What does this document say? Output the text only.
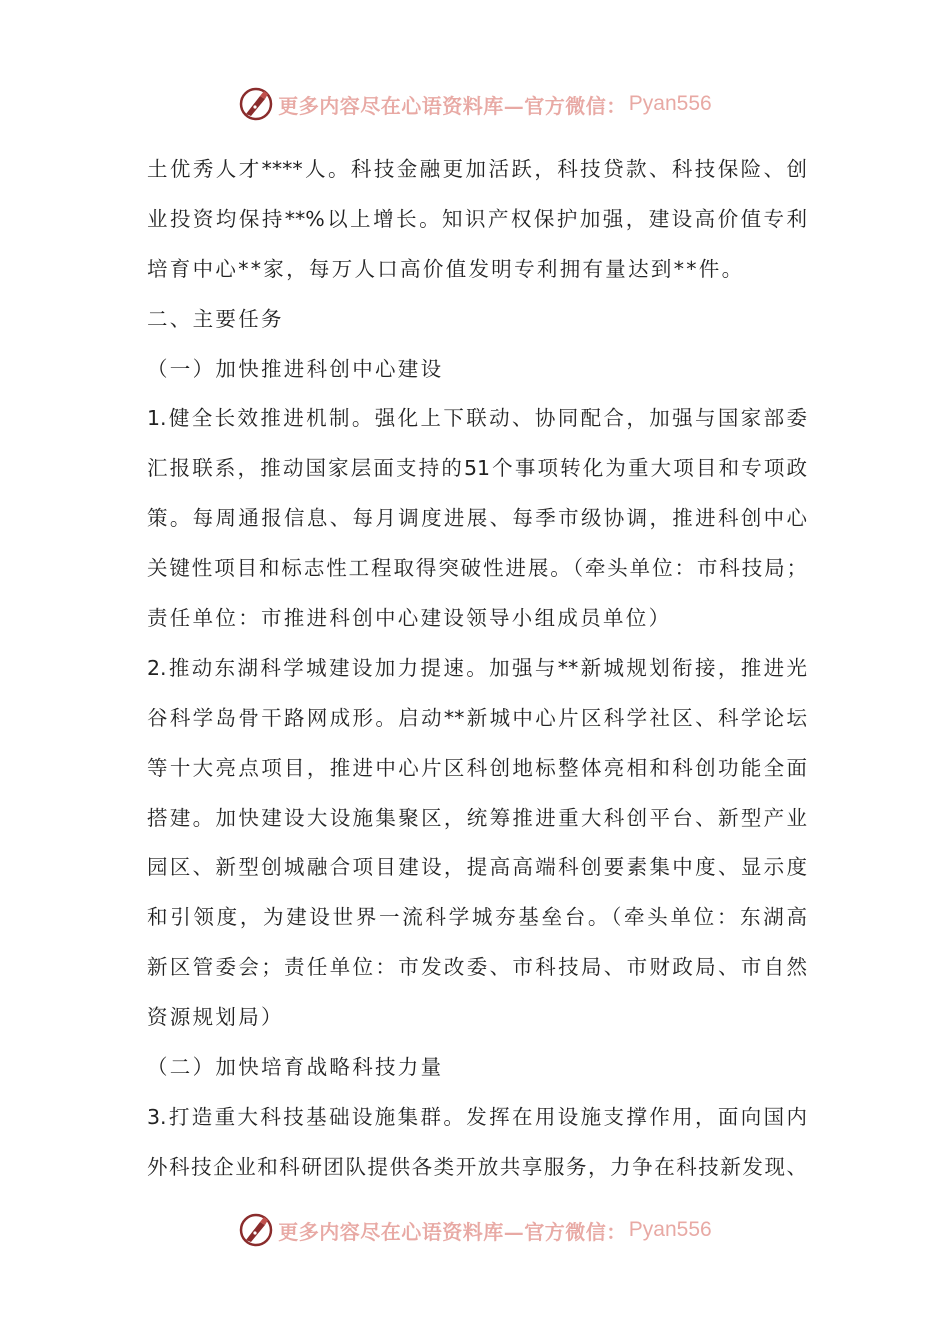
更多内容尽在心语资料库—官方微信： Pyan556
土优秀人才****人。科技金融更加活跃，科技贷款、科技保险、创
业投资均保持**%以上增长。知识产权保护加强，建设高价值专利
培育中心**家，每万人口高价值发明专利拥有量达到**件。
二、主要任务
（一）加快推进科创中心建设
1.健全长效推进机制。强化上下联动、协同配合，加强与国家部委
汇报联系，推动国家层面支持的51个事项转化为重大项目和专项政
策。每周通报信息、每月调度进展、每季市级协调，推进科创中心
关键性项目和标志性工程取得突破性进展。（牵头单位：市科技局；
责任单位：市推进科创中心建设领导小组成员单位）
2.推动东湖科学城建设加力提速。加强与**新城规划衔接，推进光
谷科学岛骨干路网成形。启动**新城中心片区科学社区、科学论坛
等十大亮点项目，推进中心片区科创地标整体亮相和科创功能全面
搭建。加快建设大设施集聚区，统筹推进重大科创平台、新型产业
园区、新型创城融合项目建设，提高高端科创要素集中度、显示度
和引领度，为建设世界一流科学城夯基垒台。（牵头单位：东湖高
新区管委会；责任单位：市发改委、市科技局、市财政局、市自然
资源规划局）
（二）加快培育战略科技力量
3.打造重大科技基础设施集群。发挥在用设施支撑作用，面向国内
外科技企业和科研团队提供各类开放共享服务，力争在科技新发现、
更多内容尽在心语资料库—官方微信： Pyan556
